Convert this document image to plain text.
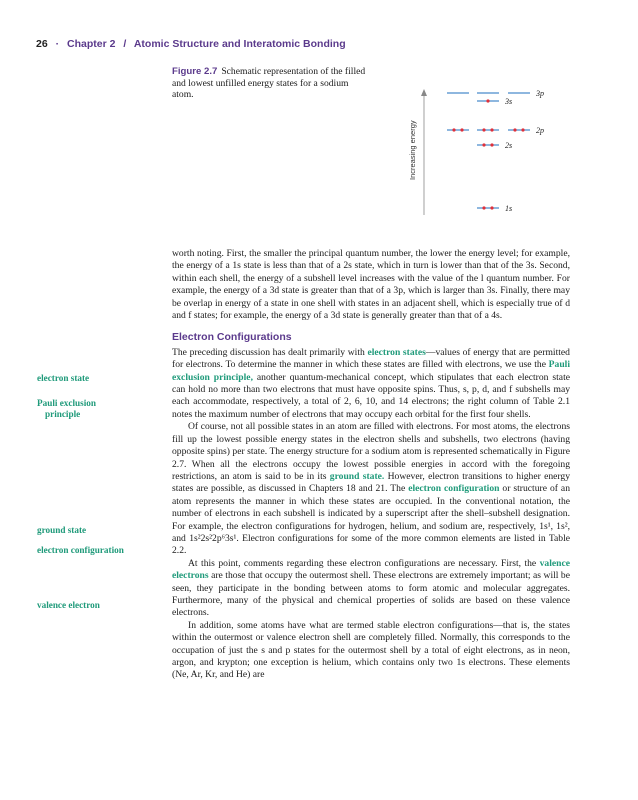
26 · Chapter 2 / Atomic Structure and Interatomic Bonding
Figure 2.7 Schematic representation of the filled and lowest unfilled energy states for a sodium atom.
Increasing energy
3p
3s
2p
2s
1s
electron state
Pauli exclusion
principle
ground state
electron configuration
valence electron

worth noting. First, the smaller the principal quantum number, the lower the energy level; for example, the energy of a 1s state is less than that of a 2s state, which in turn is lower than that of the 3s. Second, within each shell, the energy of a subshell level increases with the value of the l quantum number. For example, the energy of a 3d state is greater than that of a 3p, which is larger than 3s. Finally, there may be overlap in energy of a state in one shell with states in an adjacent shell, which is especially true of d and f states; for example, the energy of a 3d state is generally greater than that of a 4s.

Electron Configurations

The preceding discussion has dealt primarily with electron states—values of energy that are permitted for electrons. To determine the manner in which these states are filled with electrons, we use the Pauli exclusion principle, another quantum-mechanical concept, which stipulates that each electron state can hold no more than two electrons that must have opposite spins. Thus, s, p, d, and f subshells may each accommodate, respectively, a total of 2, 6, 10, and 14 electrons; the right column of Table 2.1 notes the maximum number of electrons that may occupy each orbital for the first four shells.

Of course, not all possible states in an atom are filled with electrons. For most atoms, the electrons fill up the lowest possible energy states in the electron shells and subshells, two electrons (having opposite spins) per state. The energy structure for a sodium atom is represented schematically in Figure 2.7. When all the electrons occupy the lowest possible energies in accord with the foregoing restrictions, an atom is said to be in its ground state. However, electron transitions to higher energy states are possible, as discussed in Chapters 18 and 21. The electron configuration or structure of an atom represents the manner in which these states are occupied. In the conventional notation, the number of electrons in each subshell is indicated by a superscript after the shell–subshell designation. For example, the electron configurations for hydrogen, helium, and sodium are, respectively, 1s¹, 1s², and 1s²2s²2p⁶3s¹. Electron configurations for some of the more common elements are listed in Table 2.2.

At this point, comments regarding these electron configurations are necessary. First, the valence electrons are those that occupy the outermost shell. These electrons are extremely important; as will be seen, they participate in the bonding between atoms to form atomic and molecular aggregates. Furthermore, many of the physical and chemical properties of solids are based on these valence electrons.

In addition, some atoms have what are termed stable electron configurations—that is, the states within the outermost or valence electron shell are completely filled. Normally, this corresponds to the occupation of just the s and p states for the outermost shell by a total of eight electrons, as in neon, argon, and krypton; one exception is helium, which contains only two 1s electrons. These elements (Ne, Ar, Kr, and He) are
